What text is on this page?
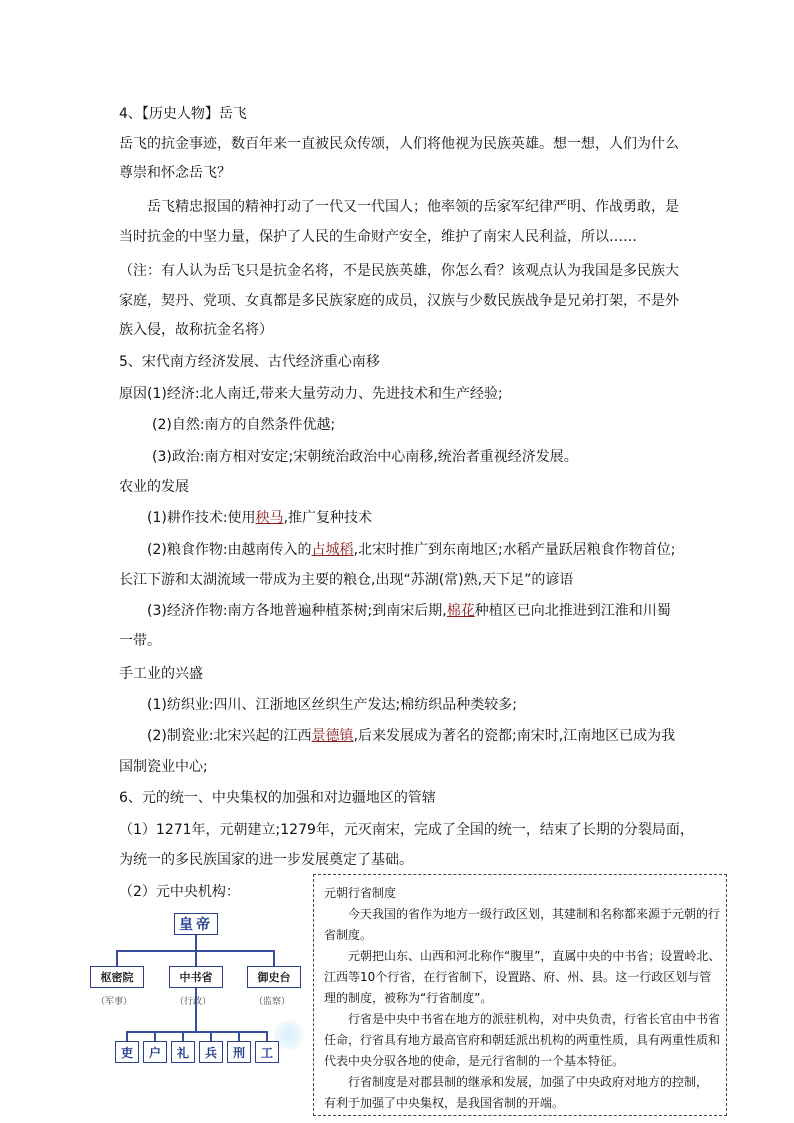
4、【历史人物】岳飞
岳飞的抗金事迹，数百年来一直被民众传颂，人们将他视为民族英雄。想一想，人们为什么
尊崇和怀念岳飞？
岳飞精忠报国的精神打动了一代又一代国人；他率领的岳家军纪律严明、作战勇敢，是
当时抗金的中坚力量，保护了人民的生命财产安全，维护了南宋人民利益，所以……
（注：有人认为岳飞只是抗金名将，不是民族英雄，你怎么看？该观点认为我国是多民族大
家庭，契丹、党项、女真都是多民族家庭的成员，汉族与少数民族战争是兄弟打架，不是外
族入侵，故称抗金名将）
5、宋代南方经济发展、古代经济重心南移
原因(1)经济:北人南迁,带来大量劳动力、先进技术和生产经验;
(2)自然:南方的自然条件优越;
(3)政治:南方相对安定;宋朝统治政治中心南移,统治者重视经济发展。
农业的发展
(1)耕作技术:使用秧马,推广复种技术
(2)粮食作物:由越南传入的占城稻,北宋时推广到东南地区;水稻产量跃居粮食作物首位;
长江下游和太湖流域一带成为主要的粮仓,出现“苏湖(常)熟,天下足”的谚语
(3)经济作物:南方各地普遍种植茶树;到南宋后期,棉花种植区已向北推进到江淮和川蜀
一带。
手工业的兴盛
(1)纺织业:四川、江浙地区丝织生产发达;棉纺织品种类较多;
(2)制瓷业:北宋兴起的江西景德镇,后来发展成为著名的瓷都;南宋时,江南地区已成为我
国制瓷业中心;
6、元的统一、中央集权的加强和对边疆地区的管辖
（1）1271年，元朝建立;1279年，元灭南宋，完成了全国的统一，结束了长期的分裂局面，
为统一的多民族国家的进一步发展奠定了基础。
（2）元中央机构：
皇帝
枢密院	中书省	御史台
（军事）	（行政）	（监察）
吏	户	礼	兵	刑	工

元朝行省制度

今天我国的省作为地方一级行政区划，其建制和名称都来源于元朝的行

省制度。

元朝把山东、山西和河北称作“腹里”，直属中央的中书省；设置岭北、

江西等10个行省，在行省制下，设置路、府、州、县。这一行政区划与管

理的制度，被称为“行省制度”。

行省是中央中书省在地方的派驻机构，对中央负责，行省长官由中书省

任命，行省具有地方最高官府和朝廷派出机构的两重性质，具有两重性质和

代表中央分驭各地的使命，是元行省制的一个基本特征。

行省制度是对郡县制的继承和发展，加强了中央政府对地方的控制，

有利于加强了中央集权，是我国省制的开端。
